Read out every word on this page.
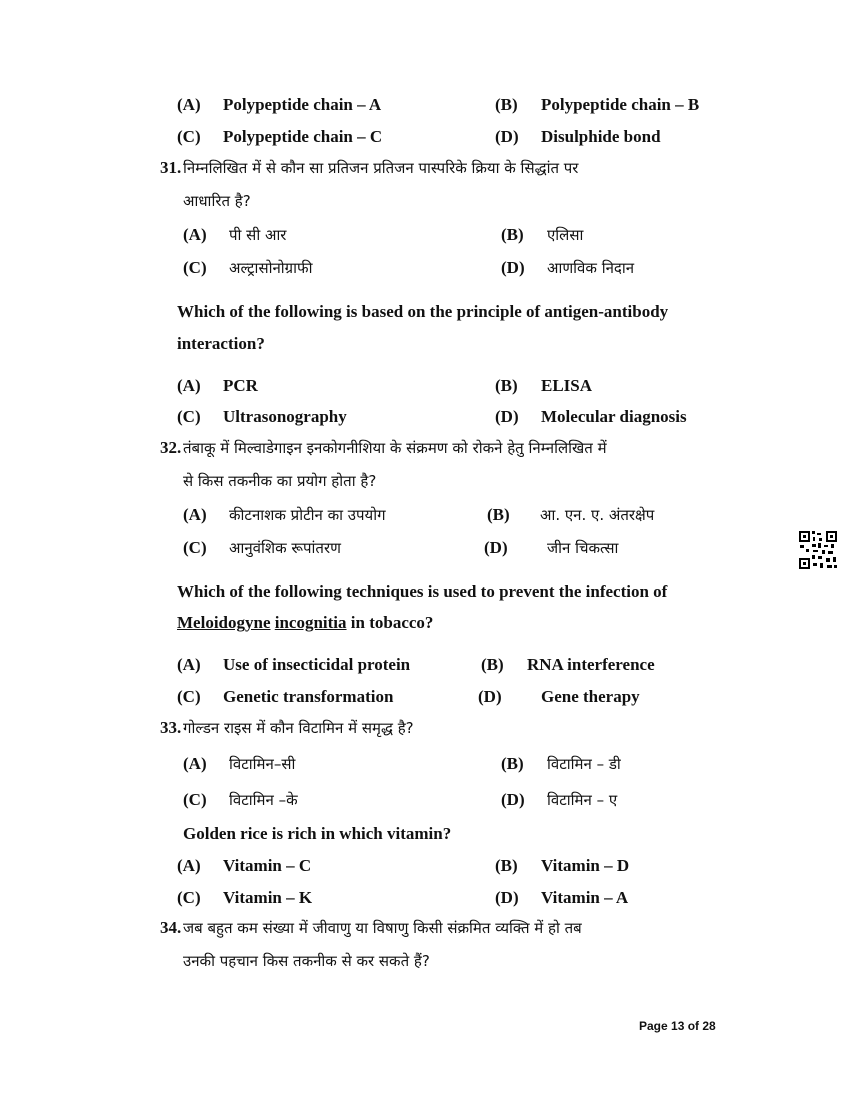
(A) Polypeptide chain – A	(B) Polypeptide chain – B
(C) Polypeptide chain – C	(D) Disulphide bond
31. निम्नलिखित में से कौन सा प्रतिजन प्रतिजन पास्परिके क्रिया के सिद्धांत पर
आधारित है?
(A) पी सी आर	(B) एलिसा
(C) अल्ट्रासोनोग्राफी	(D) आणविक निदान
Which of the following is based on the principle of antigen-antibody
interaction?
(A) PCR	(B) ELISA
(C) Ultrasonography	(D) Molecular diagnosis
32. तंबाकू में मिल्वाडेगाइन इनकोगनीशिया के संक्रमण को रोकने हेतु निम्नलिखित में
से किस तकनीक का प्रयोग होता है?
(A) कीटनाशक प्रोटीन का उपयोग	(B) आ. एन. ए. अंतरक्षेप
(C) आनुवंशिक रूपांतरण	(D)	जीन चिकत्सा
Which of the following techniques is used to prevent the infection of
Meloidogyne incognitia in tobacco?
(A) Use of insecticidal protein	(B) RNA interference
(C) Genetic transformation	(D) Gene therapy
33. गोल्डन राइस में कौन विटामिन में समृद्ध है?
(A) विटामिन–सी	(B) विटामिन – डी
(C) विटामिन –के	(D) विटामिन – ए
Golden rice is rich in which vitamin?
(A) Vitamin – C	(B) Vitamin – D
(C) Vitamin – K	(D) Vitamin – A
34. जब बहुत कम संख्या में जीवाणु या विषाणु किसी संक्रमित व्यक्ति में हो तब
उनकी पहचान किस तकनीक से कर सकते हैं?
Page 13 of 28
